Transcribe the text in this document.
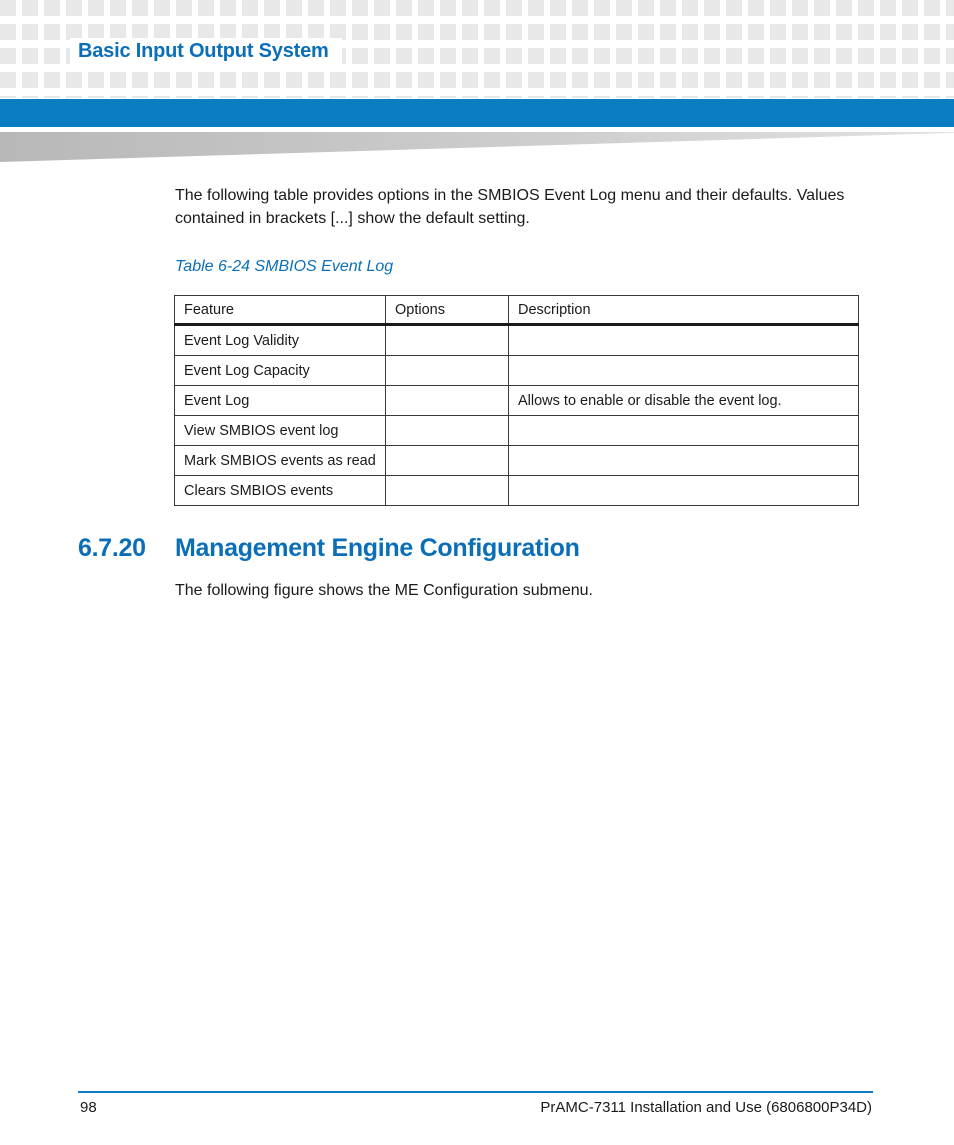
Basic Input Output System
The following table provides options in the SMBIOS Event Log menu and their defaults. Values contained in brackets [...] show the default setting.
Table 6-24 SMBIOS Event Log
Feature	Options	Description
Event Log Validity		
Event Log Capacity		
Event Log		Allows to enable or disable the event log.
View SMBIOS event log		
Mark SMBIOS events as read		
Clears SMBIOS events		
6.7.20 Management Engine Configuration
The following figure shows the ME Configuration submenu.
98	PrAMC-7311 Installation and Use (6806800P34D)
